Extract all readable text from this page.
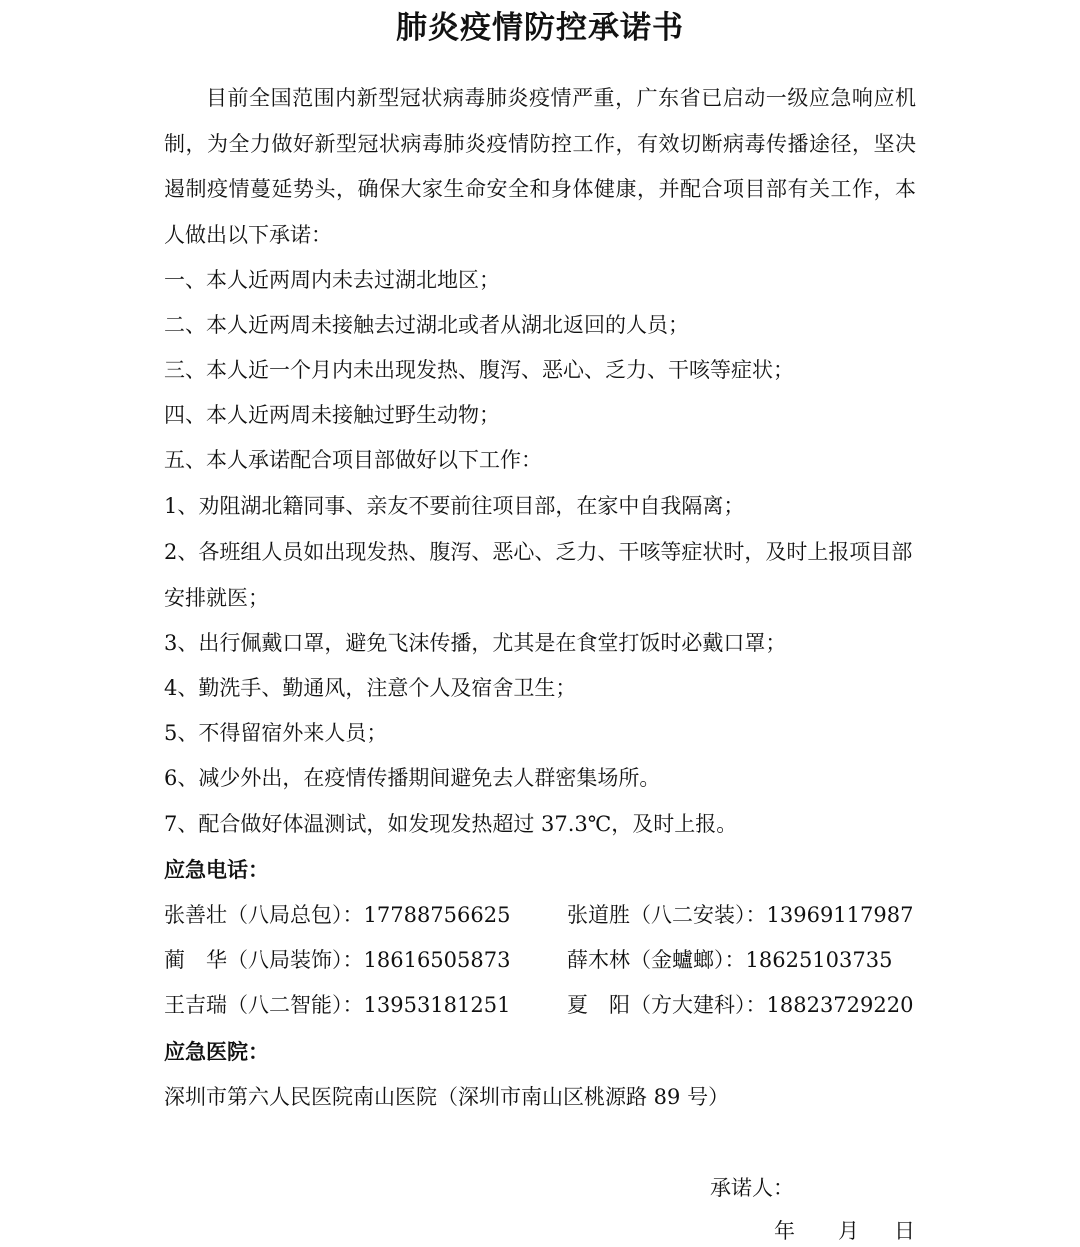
肺炎疫情防控承诺书

目前全国范围内新型冠状病毒肺炎疫情严重，广东省已启动一级应急响应机制，为全力做好新型冠状病毒肺炎疫情防控工作，有效切断病毒传播途径，坚决遏制疫情蔓延势头，确保大家生命安全和身体健康，并配合项目部有关工作，本人做出以下承诺：

一、本人近两周内未去过湖北地区；

二、本人近两周未接触去过湖北或者从湖北返回的人员；

三、本人近一个月内未出现发热、腹泻、恶心、乏力、干咳等症状；

四、本人近两周未接触过野生动物；

五、本人承诺配合项目部做好以下工作：

1、劝阻湖北籍同事、亲友不要前往项目部，在家中自我隔离；

2、各班组人员如出现发热、腹泻、恶心、乏力、干咳等症状时，及时上报项目部安排就医；

3、出行佩戴口罩，避免飞沫传播，尤其是在食堂打饭时必戴口罩；

4、勤洗手、勤通风，注意个人及宿舍卫生；

5、不得留宿外来人员；

6、减少外出，在疫情传播期间避免去人群密集场所。

7、配合做好体温测试，如发现发热超过 37.3℃，及时上报。

应急电话：
张善壮（八局总包）：17788756625	张道胜（八二安装）：13969117987
蔺　华（八局装饰）：18616505873	薛木林（金蠦螂）：18625103735
王吉瑞（八二智能）：13953181251	夏　阳（方大建科）：18823729220
应急医院：
深圳市第六人民医院南山医院（深圳市南山区桃源路 89 号）
承诺人：
年 月 日
